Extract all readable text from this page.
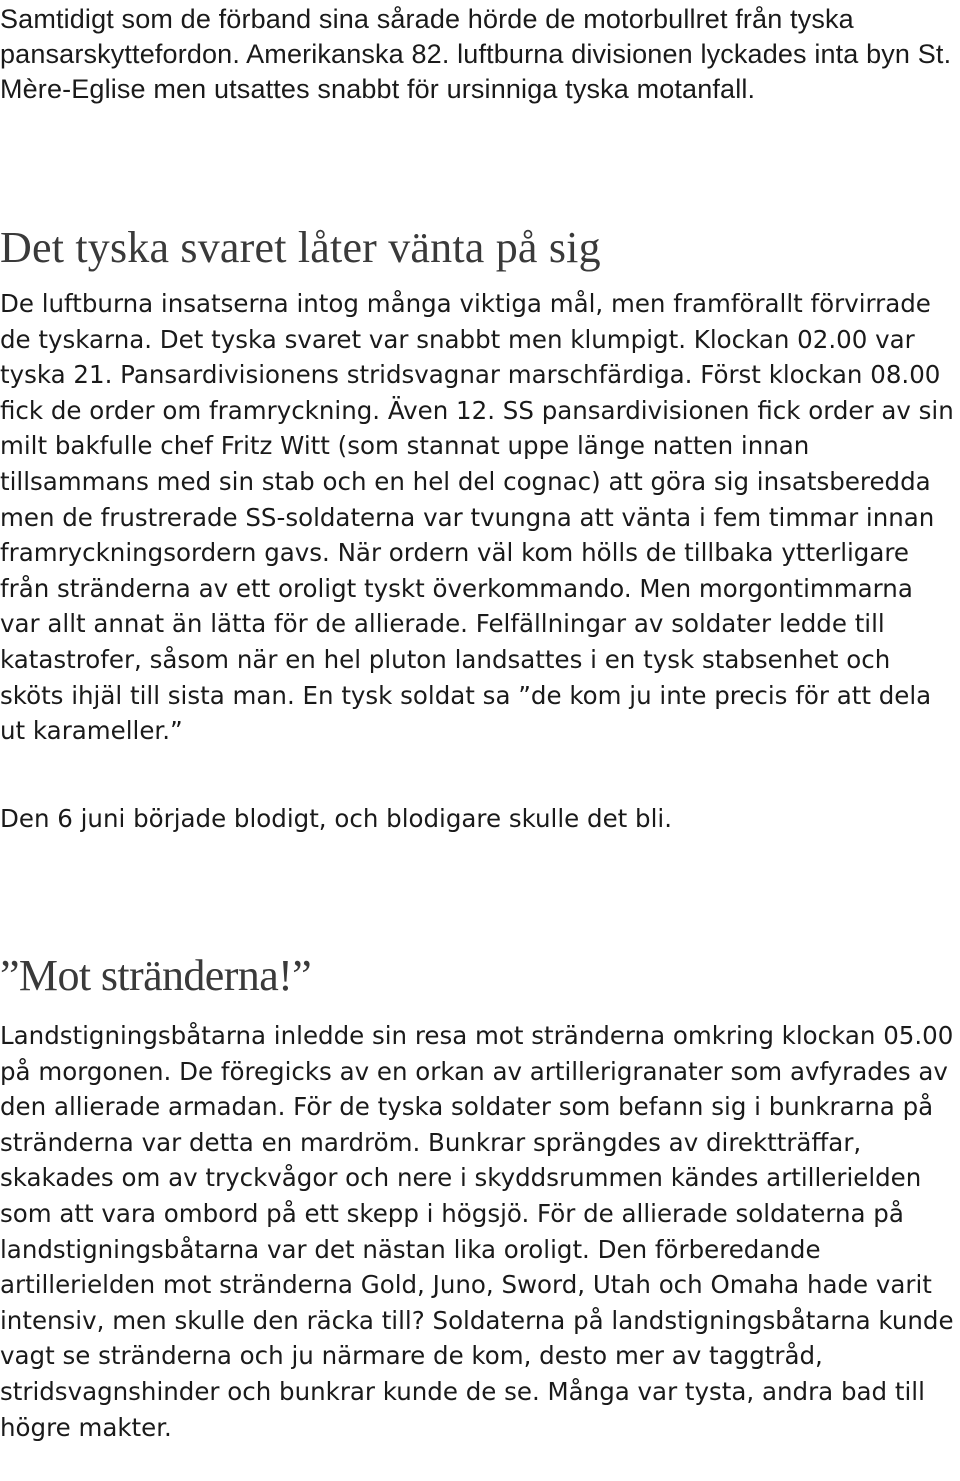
Samtidigt som de förband sina sårade hörde de motorbullret från tyska pansarskyttefordon. Amerikanska 82. luftburna divisionen lyckades inta byn St. Mère-Eglise men utsattes snabbt för ursinniga tyska motanfall.

Det tyska svaret låter vänta på sig

De luftburna insatserna intog många viktiga mål, men framförallt förvirrade de tyskarna. Det tyska svaret var snabbt men klumpigt. Klockan 02.00 var tyska 21. Pansardivisionens stridsvagnar marschfärdiga. Först klockan 08.00 fick de order om framryckning. Även 12. SS pansardivisionen fick order av sin milt bakfulle chef Fritz Witt (som stannat uppe länge natten innan tillsammans med sin stab och en hel del cognac) att göra sig insatsberedda men de frustrerade SS-soldaterna var tvungna att vänta i fem timmar innan framryckningsordern gavs. När ordern väl kom hölls de tillbaka ytterligare från stränderna av ett oroligt tyskt överkommando. Men morgontimmarna var allt annat än lätta för de allierade. Felfällningar av soldater ledde till katastrofer, såsom när en hel pluton landsattes i en tysk stabsenhet och sköts ihjäl till sista man. En tysk soldat sa ”de kom ju inte precis för att dela ut karameller.”

Den 6 juni började blodigt, och blodigare skulle det bli.

”Mot stränderna!”

Landstigningsbåtarna inledde sin resa mot stränderna omkring klockan 05.00 på morgonen. De föregicks av en orkan av artillerigranater som avfyrades av den allierade armadan. För de tyska soldater som befann sig i bunkrarna på stränderna var detta en mardröm. Bunkrar sprängdes av direktträffar, skakades om av tryckvågor och nere i skyddsrummen kändes artillerielden som att vara ombord på ett skepp i högsjö. För de allierade soldaterna på landstigningsbåtarna var det nästan lika oroligt. Den förberedande artillerielden mot stränderna Gold, Juno, Sword, Utah och Omaha hade varit intensiv, men skulle den räcka till? Soldaterna på landstigningsbåtarna kunde vagt se stränderna och ju närmare de kom, desto mer av taggtråd, stridsvagnshinder och bunkrar kunde de se. Många var tysta, andra bad till högre makter.
